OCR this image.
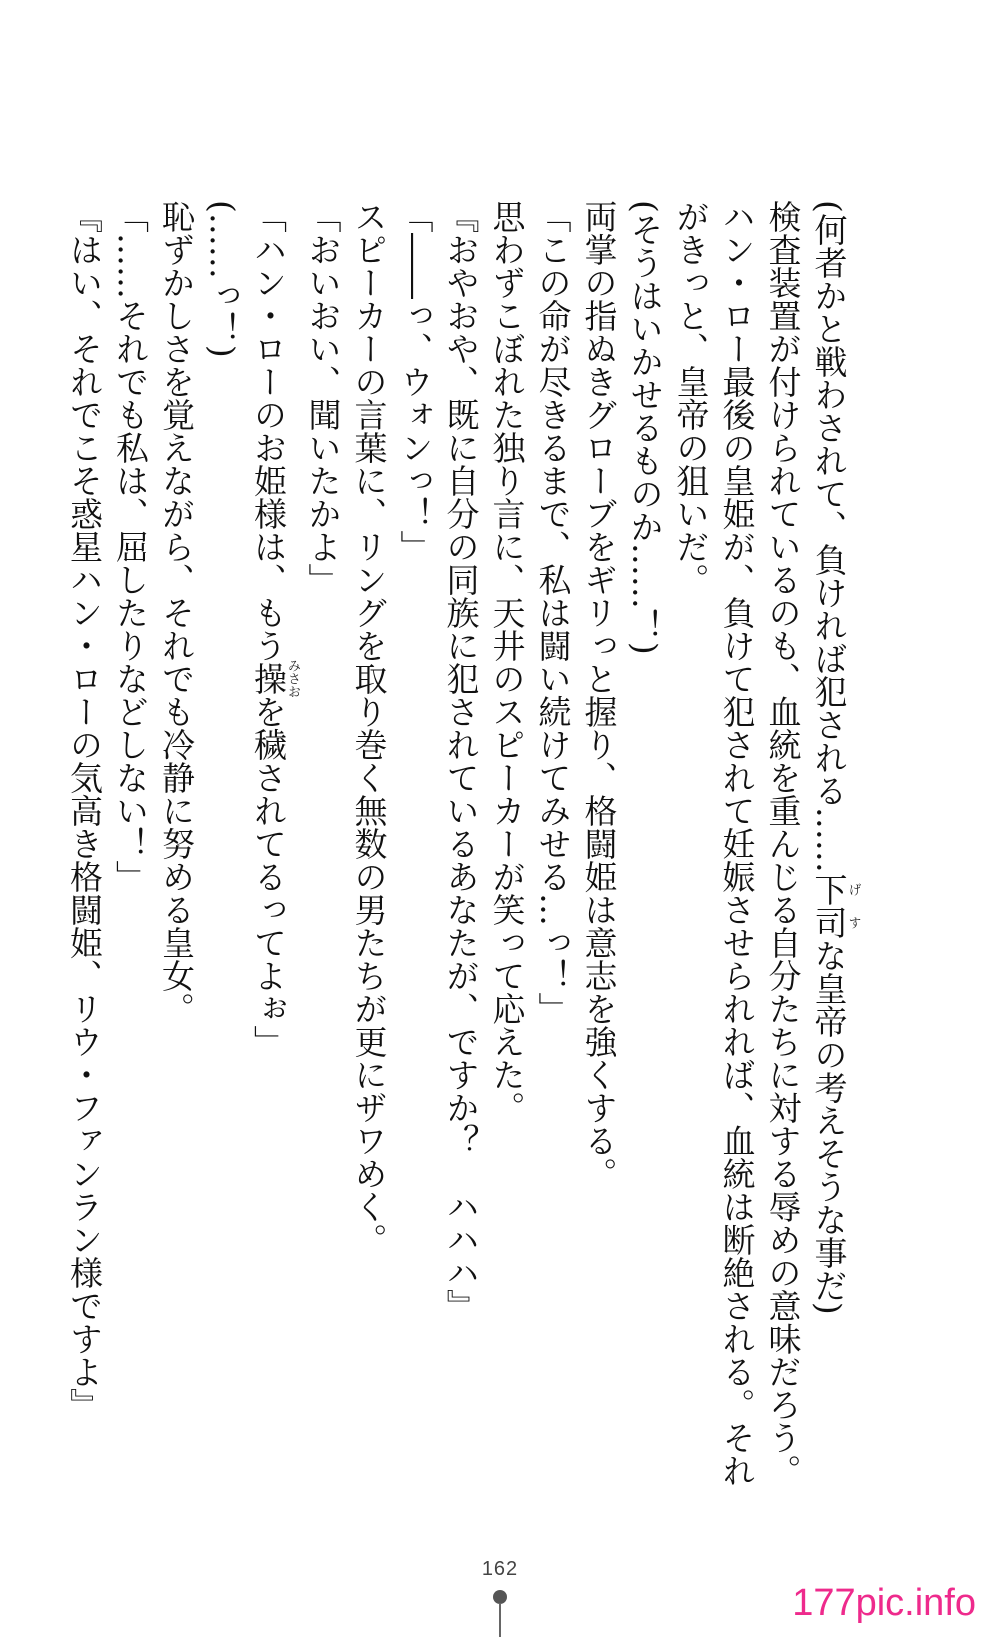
(何者かと戦わされて、負ければ犯される……下司げすな皇帝の考えそうな事だ)
検査装置が付けられているのも、血統を重んじる自分たちに対する辱めの意味だろう。
ハン・ロー最後の皇姫が、負けて犯されて妊娠させられれば、血統は断絶される。それ
がきっと、皇帝の狙いだ。
(そうはいかせるものか……！)
両掌の指ぬきグローブをギリっと握り、格闘姫は意志を強くする。
「この命が尽きるまで、私は闘い続けてみせる…っ！」
思わずこぼれた独り言に、天井のスピーカーが笑って応えた。
『おやおや、既に自分の同族に犯されているあなたが、ですか？　ハハハ』
「――っ、ウォンっ！」
スピーカーの言葉に、リングを取り巻く無数の男たちが更にザワめく。
「おいおい、聞いたかよ」
「ハン・ローのお姫様は、もう操みさおを穢されてるってよぉ」
(……っ！)
恥ずかしさを覚えながら、それでも冷静に努める皇女。
「……それでも私は、屈したりなどしない！」
『はい、それでこそ惑星ハン・ローの気高き格闘姫、リウ・ファンラン様ですよ』
162
177pic.info
